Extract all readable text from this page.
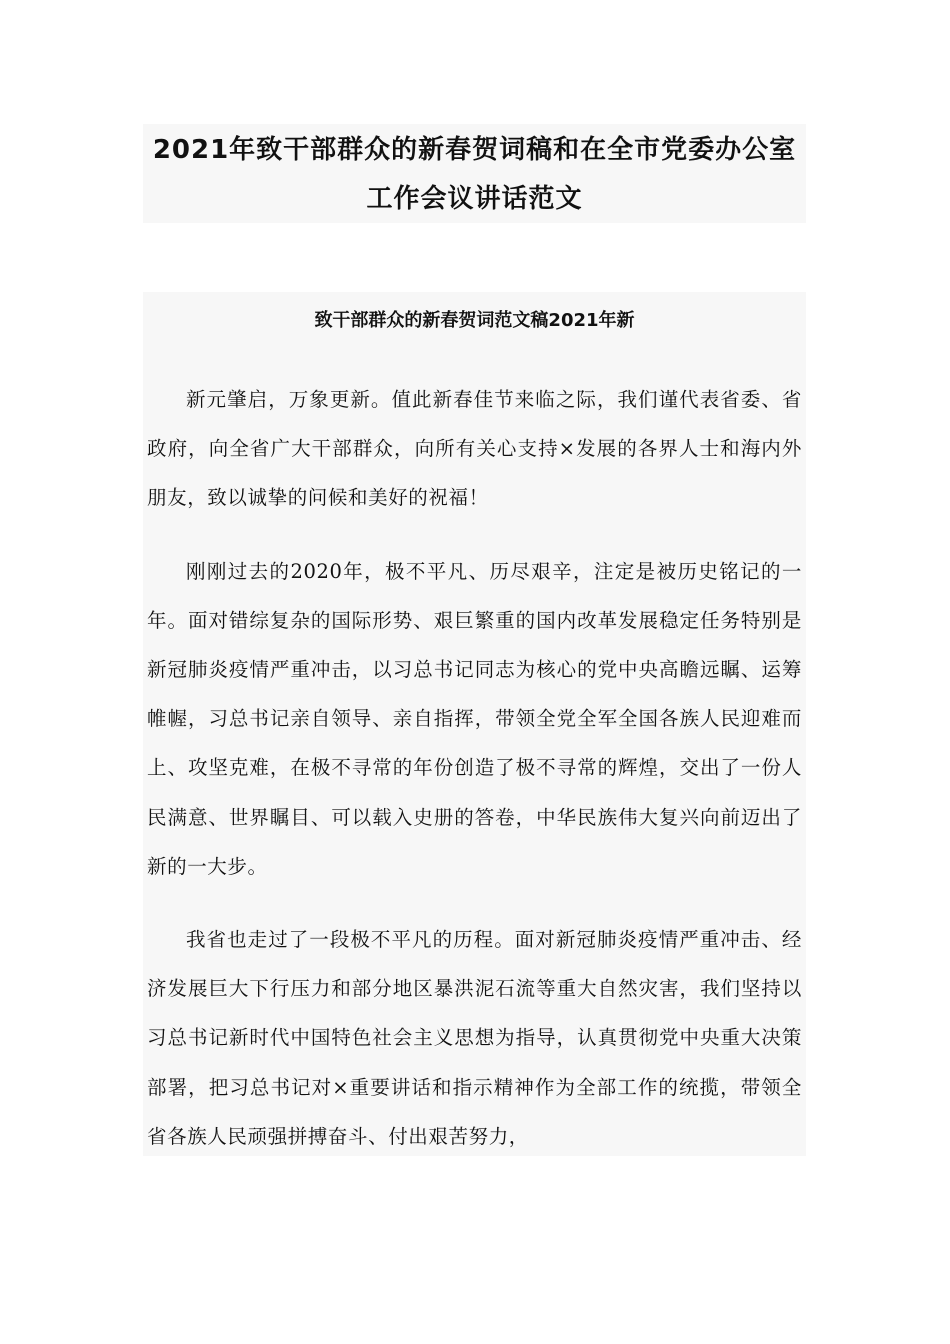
2021年致干部群众的新春贺词稿和在全市党委办公室工作会议讲话范文
致干部群众的新春贺词范文稿2021年新

新元肇启，万象更新。值此新春佳节来临之际，我们谨代表省委、省政府，向全省广大干部群众，向所有关心支持×发展的各界人士和海内外朋友，致以诚挚的问候和美好的祝福！

刚刚过去的2020年，极不平凡、历尽艰辛，注定是被历史铭记的一年。面对错综复杂的国际形势、艰巨繁重的国内改革发展稳定任务特别是新冠肺炎疫情严重冲击，以习总书记同志为核心的党中央高瞻远瞩、运筹帷幄，习总书记亲自领导、亲自指挥，带领全党全军全国各族人民迎难而上、攻坚克难，在极不寻常的年份创造了极不寻常的辉煌，交出了一份人民满意、世界瞩目、可以载入史册的答卷，中华民族伟大复兴向前迈出了新的一大步。

我省也走过了一段极不平凡的历程。面对新冠肺炎疫情严重冲击、经济发展巨大下行压力和部分地区暴洪泥石流等重大自然灾害，我们坚持以习总书记新时代中国特色社会主义思想为指导，认真贯彻党中央重大决策部署，把习总书记对×重要讲话和指示精神作为全部工作的统揽，带领全省各族人民顽强拼搏奋斗、付出艰苦努力，
